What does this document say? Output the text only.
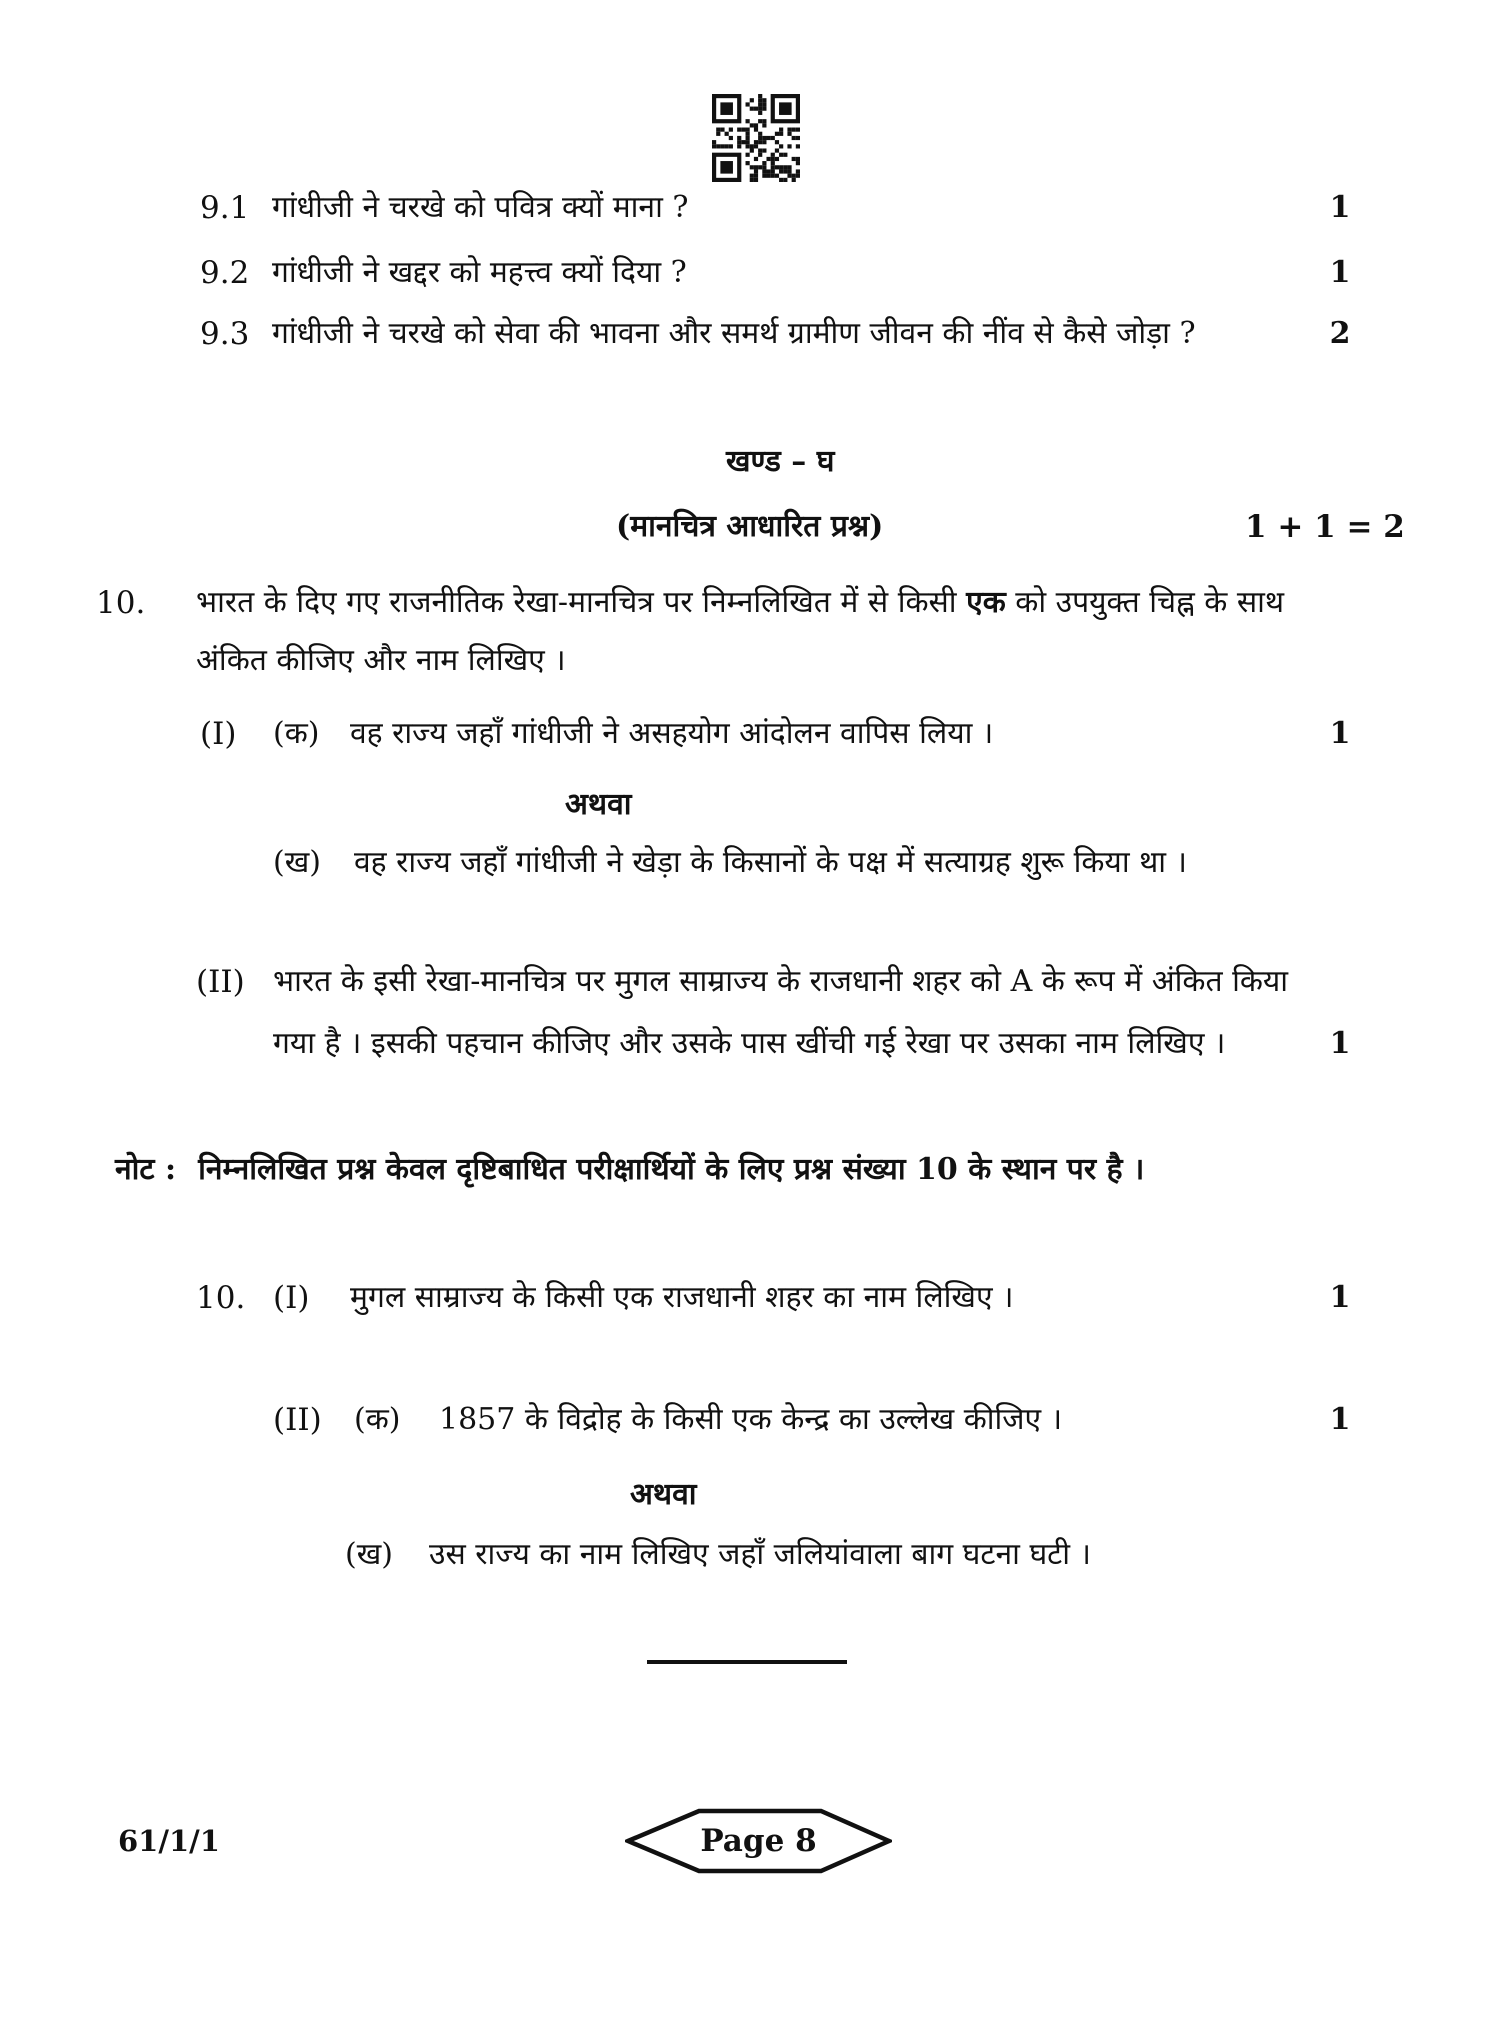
9.1 गांधीजी ने चरखे को पवित्र क्यों माना ?	1
9.2 गांधीजी ने खद्दर को महत्त्व क्यों दिया ?	1
9.3 गांधीजी ने चरखे को सेवा की भावना और समर्थ ग्रामीण जीवन की नींव से कैसे जोड़ा ?	2
खण्ड – घ
(मानचित्र आधारित प्रश्न)	1 + 1 = 2
10. भारत के दिए गए राजनीतिक रेखा-मानचित्र पर निम्नलिखित में से किसी एक को उपयुक्त चिह्न के साथ
अंकित कीजिए और नाम लिखिए ।
(I) (क) वह राज्य जहाँ गांधीजी ने असहयोग आंदोलन वापिस लिया ।	1
अथवा
(ख) वह राज्य जहाँ गांधीजी ने खेड़ा के किसानों के पक्ष में सत्याग्रह शुरू किया था ।
(II) भारत के इसी रेखा-मानचित्र पर मुगल साम्राज्य के राजधानी शहर को A के रूप में अंकित किया
गया है । इसकी पहचान कीजिए और उसके पास खींची गई रेखा पर उसका नाम लिखिए ।	1
नोट : निम्नलिखित प्रश्न केवल दृष्टिबाधित परीक्षार्थियों के लिए प्रश्न संख्या 10 के स्थान पर है ।
10. (I) मुगल साम्राज्य के किसी एक राजधानी शहर का नाम लिखिए ।	1
(II) (क) 1857 के विद्रोह के किसी एक केन्द्र का उल्लेख कीजिए ।	1
अथवा
(ख) उस राज्य का नाम लिखिए जहाँ जलियांवाला बाग घटना घटी ।
61/1/1	Page 8
